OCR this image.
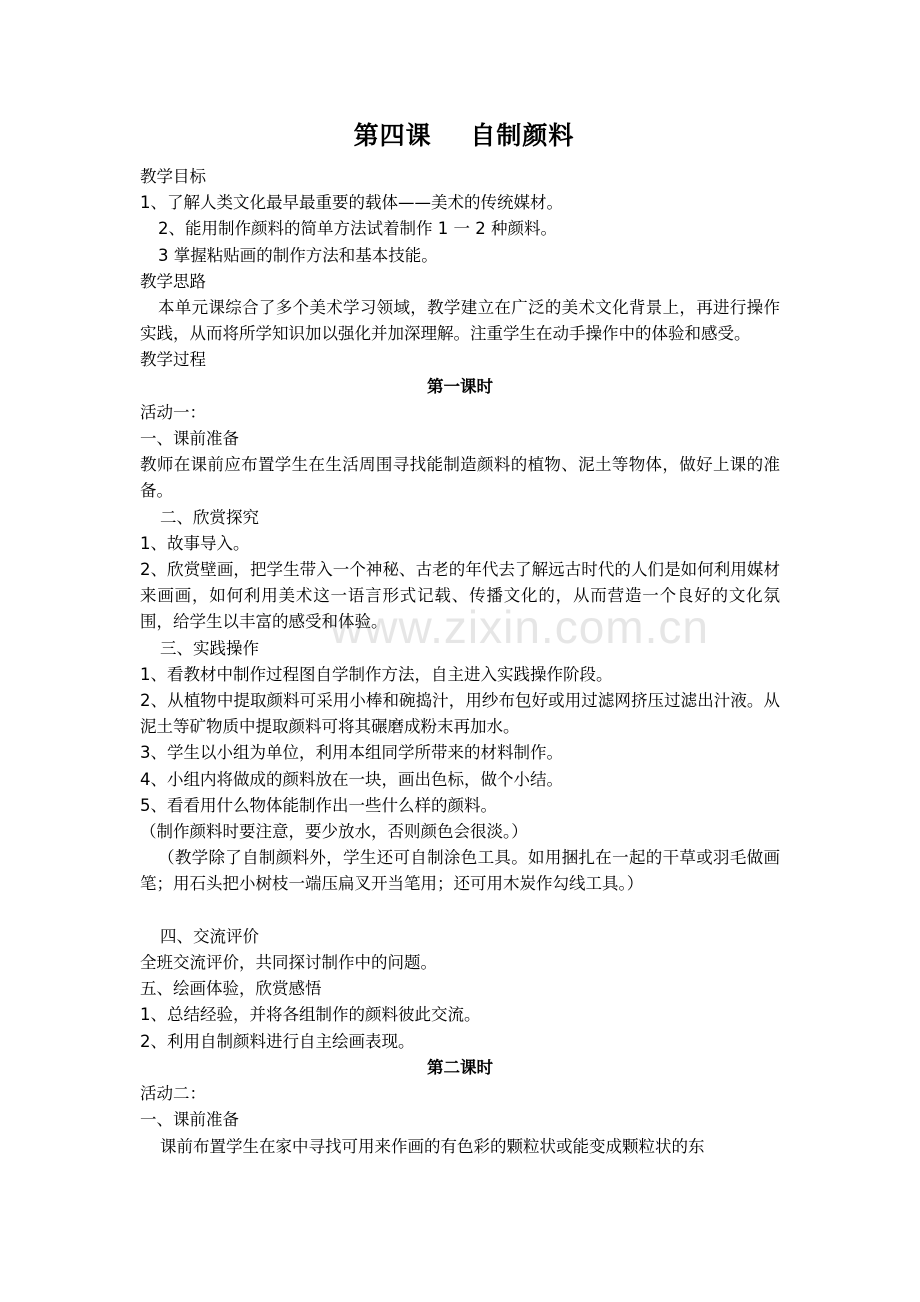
www.zixin.com.cn
第四课    自制颜料
教学目标
1、了解人类文化最早最重要的载体——美术的传统媒材。
2、能用制作颜料的简单方法试着制作 1 一 2 种颜料。
3 掌握粘贴画的制作方法和基本技能。
教学思路
本单元课综合了多个美术学习领域，教学建立在广泛的美术文化背景上，再进行操作实践，从而将所学知识加以强化并加深理解。注重学生在动手操作中的体验和感受。
教学过程
第一课时
活动一：
一、课前准备
教师在课前应布置学生在生活周围寻找能制造颜料的植物、泥土等物体，做好上课的准备。
二、欣赏探究
1、故事导入。
2、欣赏壁画，把学生带入一个神秘、古老的年代去了解远古时代的人们是如何利用媒材来画画，如何利用美术这一语言形式记载、传播文化的，从而营造一个良好的文化氛围，给学生以丰富的感受和体验。
三、实践操作
1、看教材中制作过程图自学制作方法，自主进入实践操作阶段。
2、从植物中提取颜料可采用小棒和碗捣汁，用纱布包好或用过滤网挤压过滤出汁液。从泥土等矿物质中提取颜料可将其碾磨成粉末再加水。
3、学生以小组为单位，利用本组同学所带来的材料制作。
4、小组内将做成的颜料放在一块，画出色标，做个小结。
5、看看用什么物体能制作出一些什么样的颜料。
（制作颜料时要注意，要少放水，否则颜色会很淡。）
（教学除了自制颜料外，学生还可自制涂色工具。如用捆扎在一起的干草或羽毛做画笔；用石头把小树枝一端压扁叉开当笔用；还可用木炭作勾线工具。）
四、交流评价
全班交流评价，共同探讨制作中的问题。
五、绘画体验，欣赏感悟
1、总结经验，并将各组制作的颜料彼此交流。
2、利用自制颜料进行自主绘画表现。
第二课时
活动二：
一、课前准备
课前布置学生在家中寻找可用来作画的有色彩的颗粒状或能变成颗粒状的东
